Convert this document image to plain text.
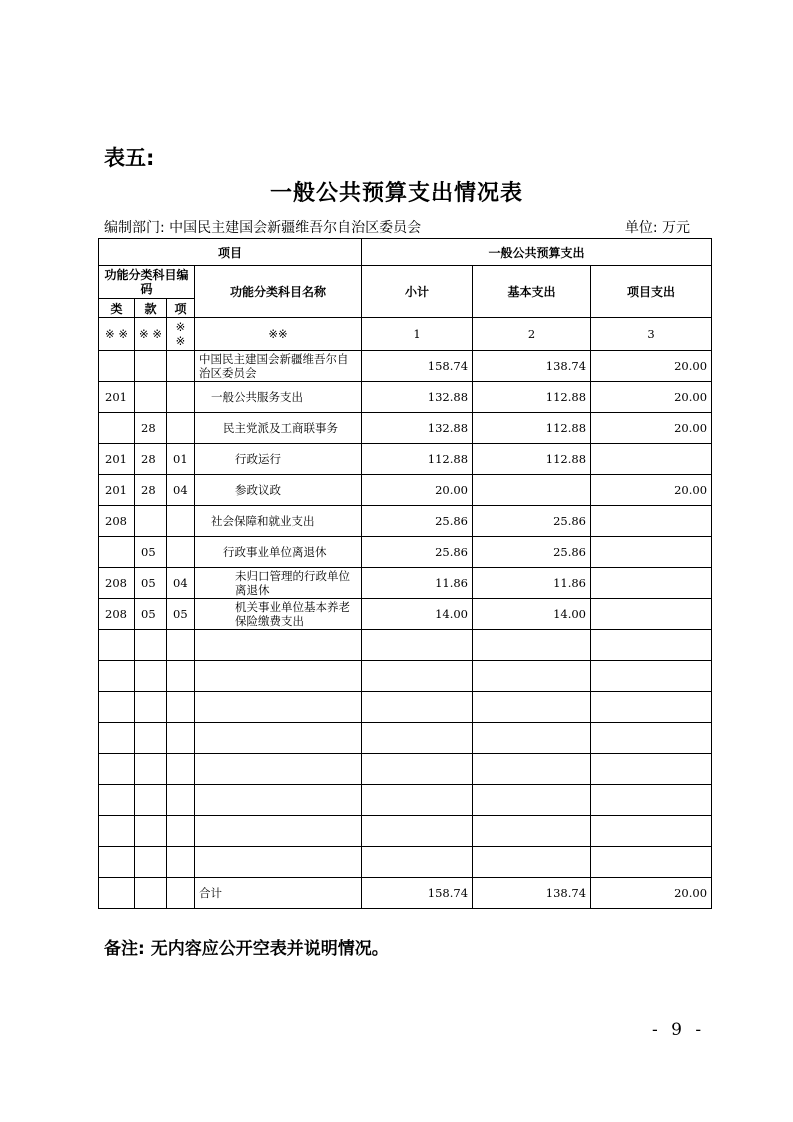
表五:
一般公共预算支出情况表
编制部门: 中国民主建国会新疆维吾尔自治区委员会	单位: 万元
项目				一般公共预算支出		
功能分类科目编码			功能分类科目名称	小计	基本支出	项目支出
类	款	项				
※ ※	※ ※	※ ※	※※	1	2	3
			中国民主建国会新疆维吾尔自治区委员会	158.74	138.74	20.00
201			一般公共服务支出	132.88	112.88	20.00
	28		民主党派及工商联事务	132.88	112.88	20.00
201	28	01	行政运行	112.88	112.88	
201	28	04	参政议政	20.00		20.00
208			社会保障和就业支出	25.86	25.86	
	05		行政事业单位离退休	25.86	25.86	
208	05	04	未归口管理的行政单位离退休	11.86	11.86	
208	05	05	机关事业单位基本养老保险缴费支出	14.00	14.00	

			合计	158.74	138.74	20.00
备注: 无内容应公开空表并说明情况。
- 9 -
